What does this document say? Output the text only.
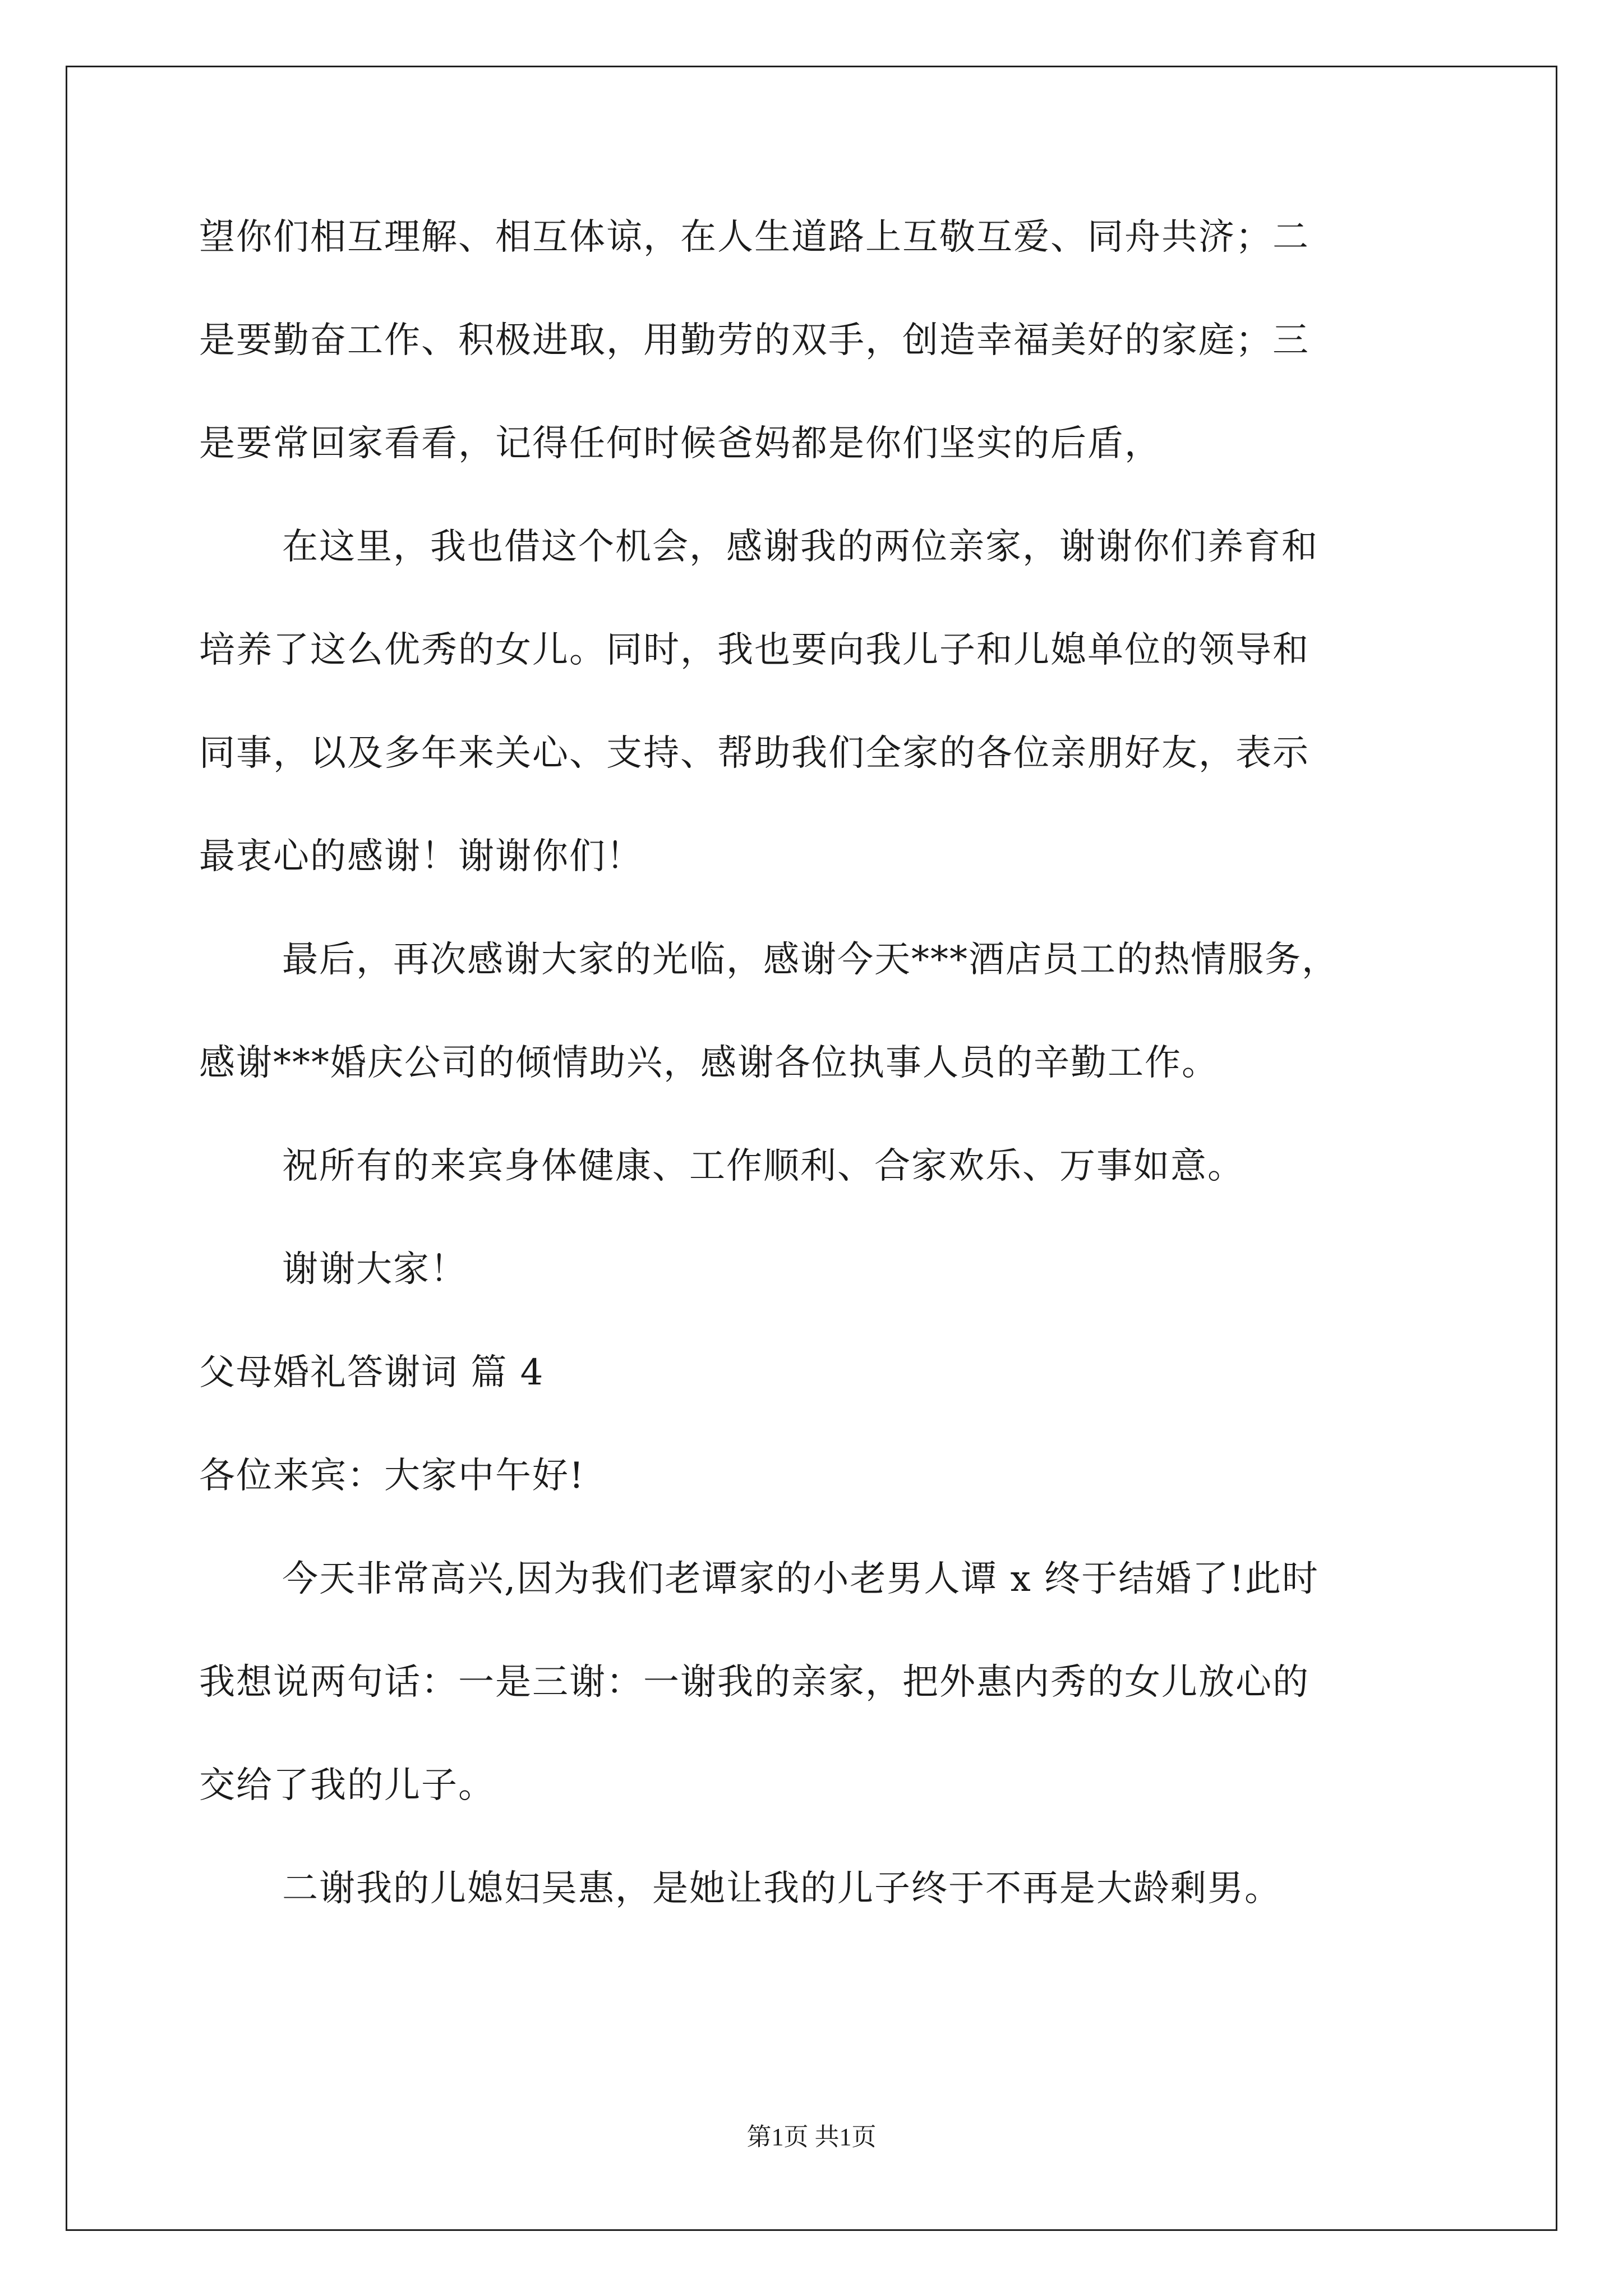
望你们相互理解、相互体谅，在人生道路上互敬互爱、同舟共济；二
是要勤奋工作、积极进取，用勤劳的双手，创造幸福美好的家庭；三
是要常回家看看，记得任何时候爸妈都是你们坚实的后盾，
在这里，我也借这个机会，感谢我的两位亲家，谢谢你们养育和
培养了这么优秀的女儿。同时，我也要向我儿子和儿媳单位的领导和
同事，以及多年来关心、支持、帮助我们全家的各位亲朋好友，表示
最衷心的感谢！谢谢你们！
最后，再次感谢大家的光临，感谢今天***酒店员工的热情服务，
感谢***婚庆公司的倾情助兴，感谢各位执事人员的辛勤工作。
祝所有的来宾身体健康、工作顺利、合家欢乐、万事如意。
谢谢大家！
父母婚礼答谢词 篇 4
各位来宾：大家中午好!
今天非常高兴,因为我们老谭家的小老男人谭 x 终于结婚了!此时
我想说两句话：一是三谢：一谢我的亲家，把外惠内秀的女儿放心的
交给了我的儿子。
二谢我的儿媳妇吴惠，是她让我的儿子终于不再是大龄剩男。
第1页 共1页
